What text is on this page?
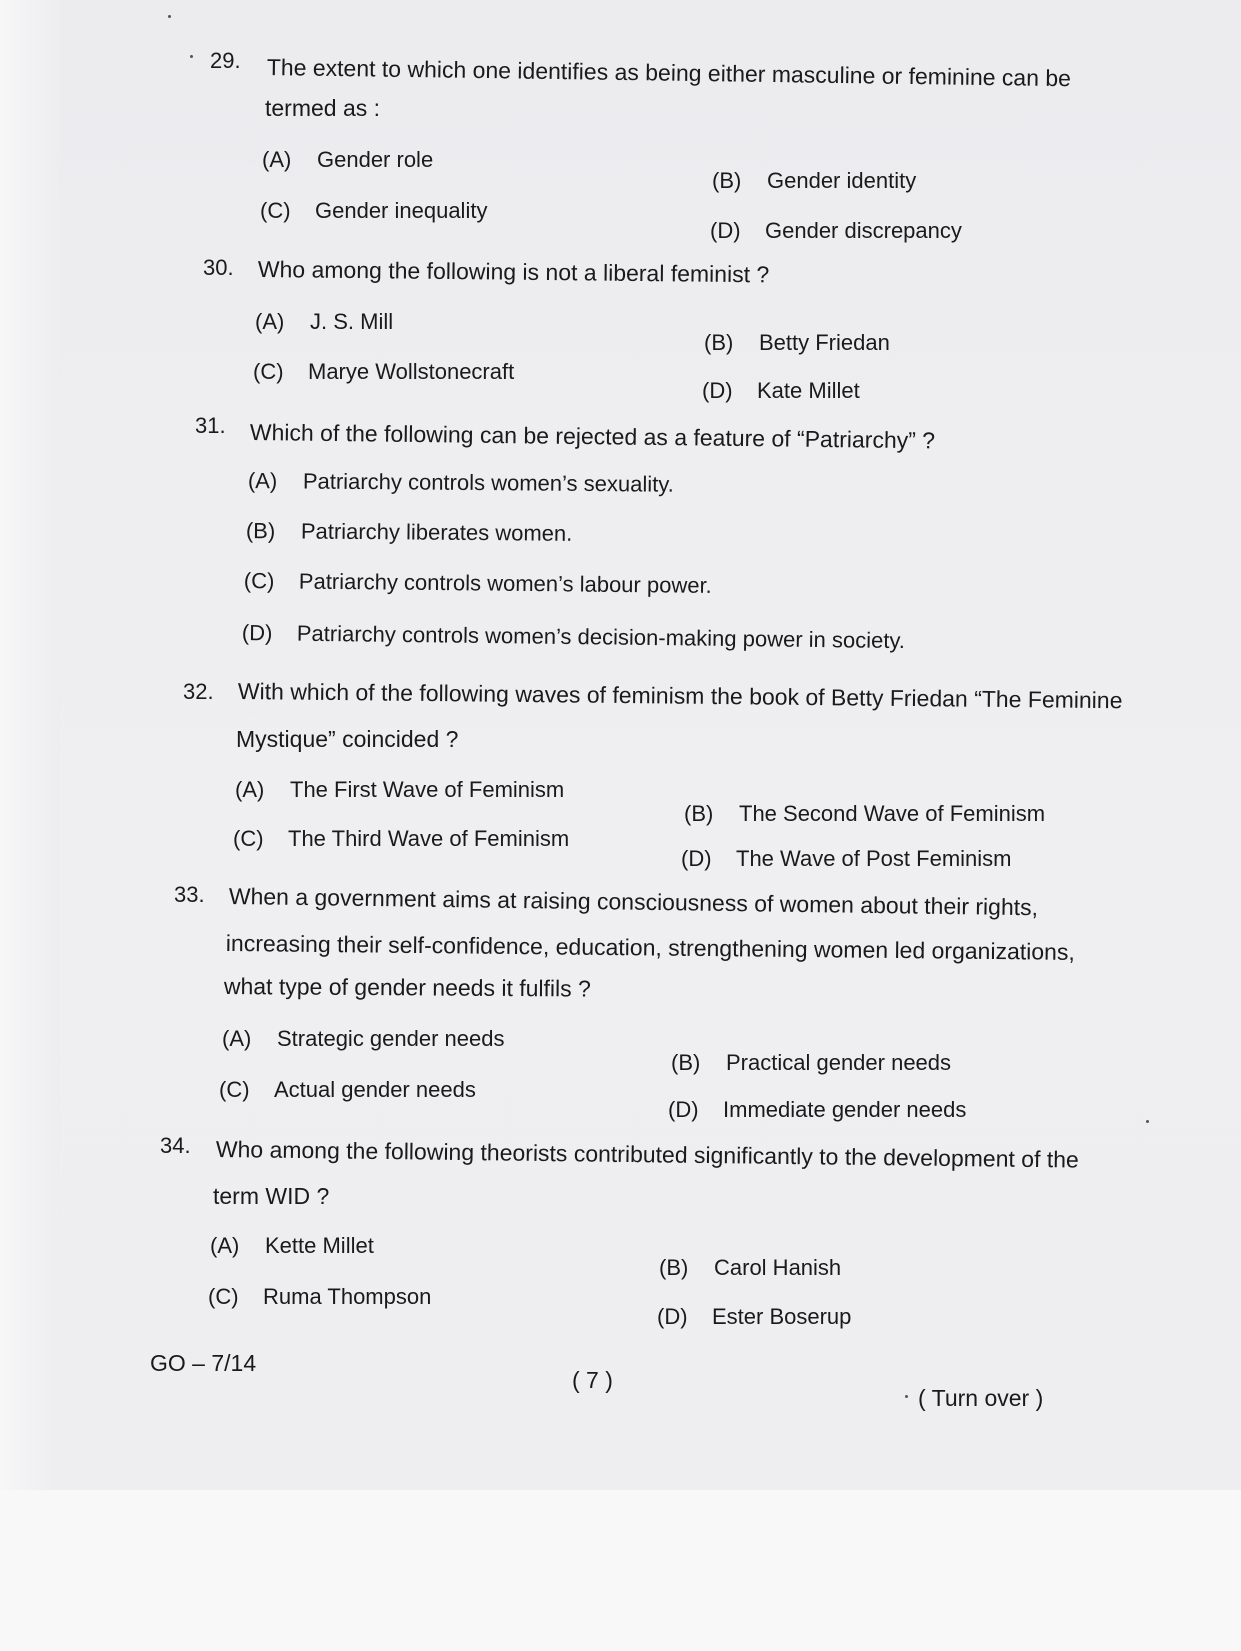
29. The extent to which one identifies as being either masculine or feminine can be
termed as :
(A) Gender role
(B) Gender identity
(C) Gender inequality
(D) Gender discrepancy
30. Who among the following is not a liberal feminist ?
(A) J. S. Mill
(B) Betty Friedan
(C) Marye Wollstonecraft
(D) Kate Millet
31. Which of the following can be rejected as a feature of “Patriarchy” ?
(A) Patriarchy controls women’s sexuality.
(B) Patriarchy liberates women.
(C) Patriarchy controls women’s labour power.
(D) Patriarchy controls women’s decision-making power in society.
32. With which of the following waves of feminism the book of Betty Friedan “The Feminine
Mystique” coincided ?
(A) The First Wave of Feminism
(B) The Second Wave of Feminism
(C) The Third Wave of Feminism
(D) The Wave of Post Feminism
33. When a government aims at raising consciousness of women about their rights,
increasing their self-confidence, education, strengthening women led organizations,
what type of gender needs it fulfils ?
(A) Strategic gender needs
(B) Practical gender needs
(C) Actual gender needs
(D) Immediate gender needs
34. Who among the following theorists contributed significantly to the development of the
term WID ?
(A) Kette Millet
(B) Carol Hanish
(C) Ruma Thompson
(D) Ester Boserup
GO – 7/14
( 7 )
( Turn over )
